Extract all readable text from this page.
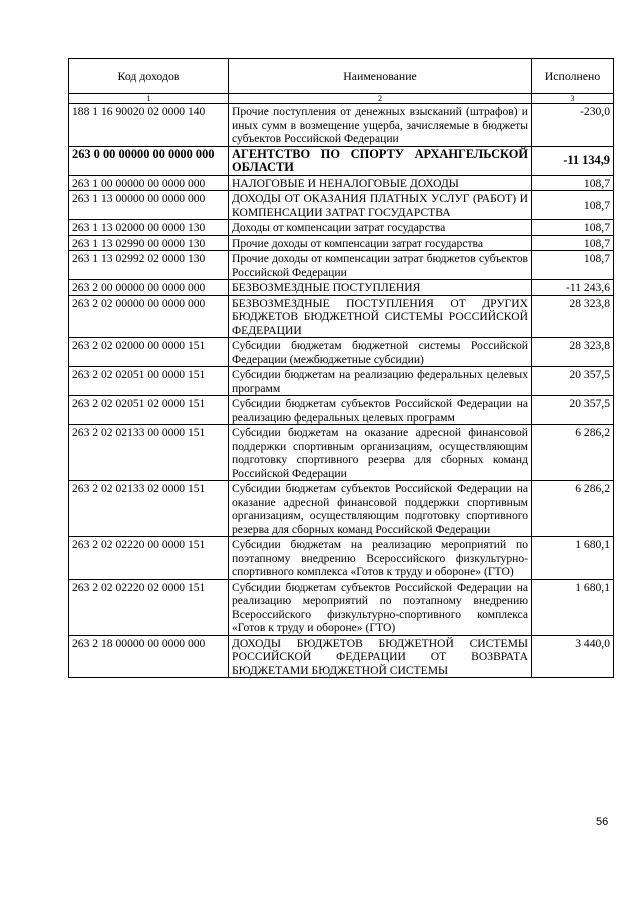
Код доходов	Наименование	Исполнено
1	2	3
188 1 16 90020 02 0000 140	Прочие поступления от денежных взысканий (штрафов) и иных сумм в возмещение ущерба, зачисляемые в бюджеты субъектов Российской Федерации	-230,0
263 0 00 00000 00 0000 000	АГЕНТСТВО ПО СПОРТУ АРХАНГЕЛЬСКОЙ ОБЛАСТИ	-11 134,9
263 1 00 00000 00 0000 000	НАЛОГОВЫЕ И НЕНАЛОГОВЫЕ ДОХОДЫ	108,7
263 1 13 00000 00 0000 000	ДОХОДЫ ОТ ОКАЗАНИЯ ПЛАТНЫХ УСЛУГ (РАБОТ) И КОМПЕНСАЦИИ ЗАТРАТ ГОСУДАРСТВА	108,7
263 1 13 02000 00 0000 130	Доходы от компенсации затрат государства	108,7
263 1 13 02990 00 0000 130	Прочие доходы от компенсации затрат государства	108,7
263 1 13 02992 02 0000 130	Прочие доходы от компенсации затрат бюджетов субъектов Российской Федерации	108,7
263 2 00 00000 00 0000 000	БЕЗВОЗМЕЗДНЫЕ ПОСТУПЛЕНИЯ	-11 243,6
263 2 02 00000 00 0000 000	БЕЗВОЗМЕЗДНЫЕ ПОСТУПЛЕНИЯ ОТ ДРУГИХ БЮДЖЕТОВ БЮДЖЕТНОЙ СИСТЕМЫ РОССИЙСКОЙ ФЕДЕРАЦИИ	28 323,8
263 2 02 02000 00 0000 151	Субсидии бюджетам бюджетной системы Российской Федерации (межбюджетные субсидии)	28 323,8
263 2 02 02051 00 0000 151	Субсидии бюджетам на реализацию федеральных целевых программ	20 357,5
263 2 02 02051 02 0000 151	Субсидии бюджетам субъектов Российской Федерации на реализацию федеральных целевых программ	20 357,5
263 2 02 02133 00 0000 151	Субсидии бюджетам на оказание адресной финансовой поддержки спортивным организациям, осуществляющим подготовку спортивного резерва для сборных команд Российской Федерации	6 286,2
263 2 02 02133 02 0000 151	Субсидии бюджетам субъектов Российской Федерации на оказание адресной финансовой поддержки спортивным организациям, осуществляющим подготовку спортивного резерва для сборных команд Российской Федерации	6 286,2
263 2 02 02220 00 0000 151	Субсидии бюджетам на реализацию мероприятий по поэтапному внедрению Всероссийского физкультурно-спортивного комплекса «Готов к труду и обороне» (ГТО)	1 680,1
263 2 02 02220 02 0000 151	Субсидии бюджетам субъектов Российской Федерации на реализацию мероприятий по поэтапному внедрению Всероссийского физкультурно-спортивного комплекса «Готов к труду и обороне» (ГТО)	1 680,1
263 2 18 00000 00 0000 000	ДОХОДЫ БЮДЖЕТОВ БЮДЖЕТНОЙ СИСТЕМЫ РОССИЙСКОЙ ФЕДЕРАЦИИ ОТ ВОЗВРАТА БЮДЖЕТАМИ БЮДЖЕТНОЙ СИСТЕМЫ	3 440,0
56
